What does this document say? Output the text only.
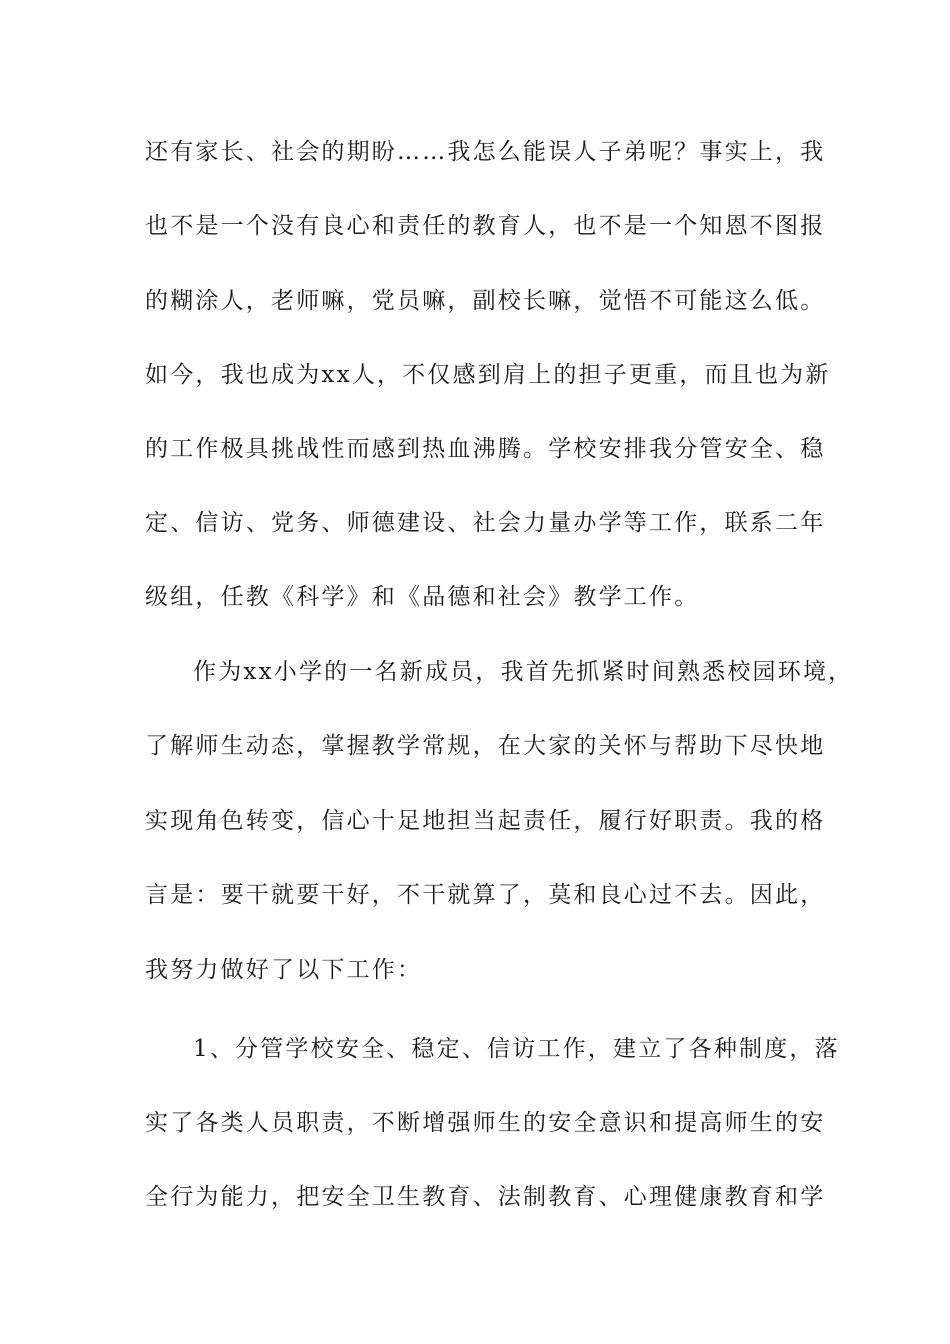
还有家长、社会的期盼……我怎么能误人子弟呢？事实上，我
也不是一个没有良心和责任的教育人，也不是一个知恩不图报
的糊涂人，老师嘛，党员嘛，副校长嘛，觉悟不可能这么低。
如今，我也成为xx人，不仅感到肩上的担子更重，而且也为新
的工作极具挑战性而感到热血沸腾。学校安排我分管安全、稳
定、信访、党务、师德建设、社会力量办学等工作，联系二年
级组，任教《科学》和《品德和社会》教学工作。
作为xx小学的一名新成员，我首先抓紧时间熟悉校园环境，
了解师生动态，掌握教学常规，在大家的关怀与帮助下尽快地
实现角色转变，信心十足地担当起责任，履行好职责。我的格
言是：要干就要干好，不干就算了，莫和良心过不去。因此，
我努力做好了以下工作：
1、分管学校安全、稳定、信访工作，建立了各种制度，落
实了各类人员职责，不断增强师生的安全意识和提高师生的安
全行为能力，把安全卫生教育、法制教育、心理健康教育和学
